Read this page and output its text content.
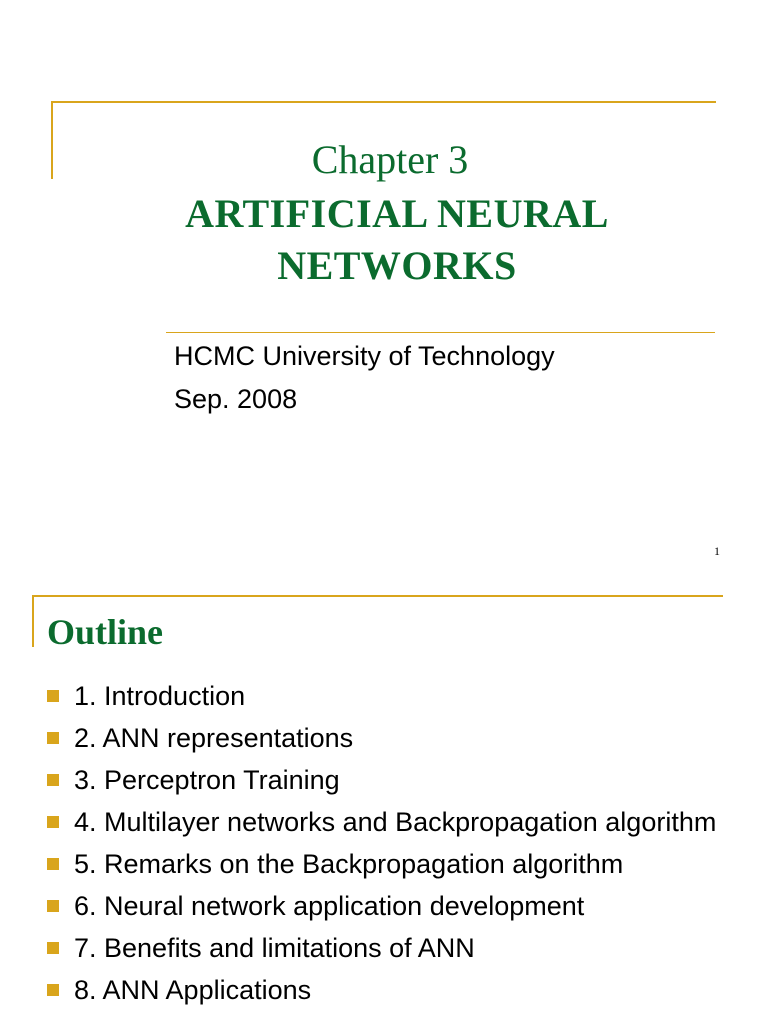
Chapter 3
ARTIFICIAL NEURAL
NETWORKS
HCMC University of Technology
Sep. 2008
1
Outline
1. Introduction
2. ANN representations
3. Perceptron Training
4. Multilayer networks and Backpropagation algorithm
5. Remarks on the Backpropagation algorithm
6. Neural network application development
7. Benefits and limitations of ANN
8. ANN Applications
